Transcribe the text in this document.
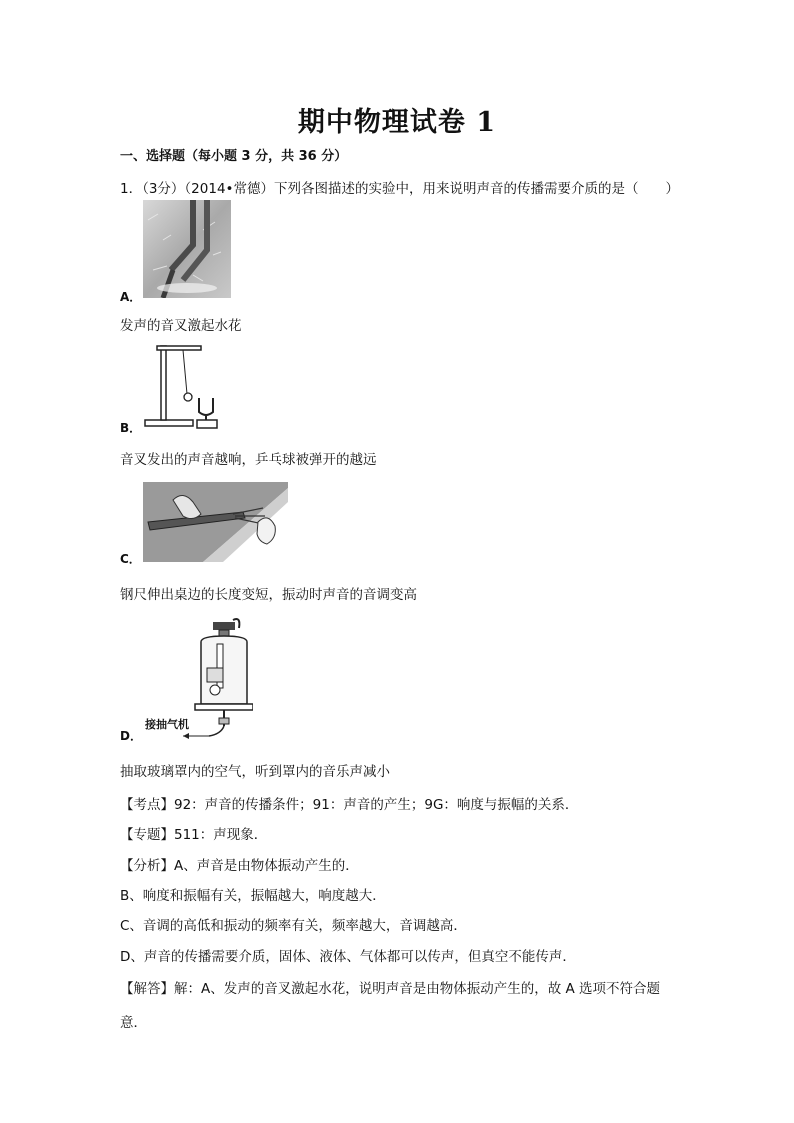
期中物理试卷 1
一、选择题（每小题 3 分，共 36 分）
1．（3分）（2014•常德）下列各图描述的实验中，用来说明声音的传播需要介质的是（　　）
A．
发声的音叉激起水花
B．
音叉发出的声音越响，乒乓球被弹开的越远
C．
钢尺伸出桌边的长度变短，振动时声音的音调变高
接抽气机
D．
抽取玻璃罩内的空气，听到罩内的音乐声减小
【考点】92：声音的传播条件；91：声音的产生；9G：响度与振幅的关系．
【专题】511：声现象．
【分析】A、声音是由物体振动产生的．
B、响度和振幅有关，振幅越大，响度越大．
C、音调的高低和振动的频率有关，频率越大，音调越高．
D、声音的传播需要介质，固体、液体、气体都可以传声，但真空不能传声．
【解答】解：A、发声的音叉激起水花，说明声音是由物体振动产生的，故 A 选项不符合题
意．
